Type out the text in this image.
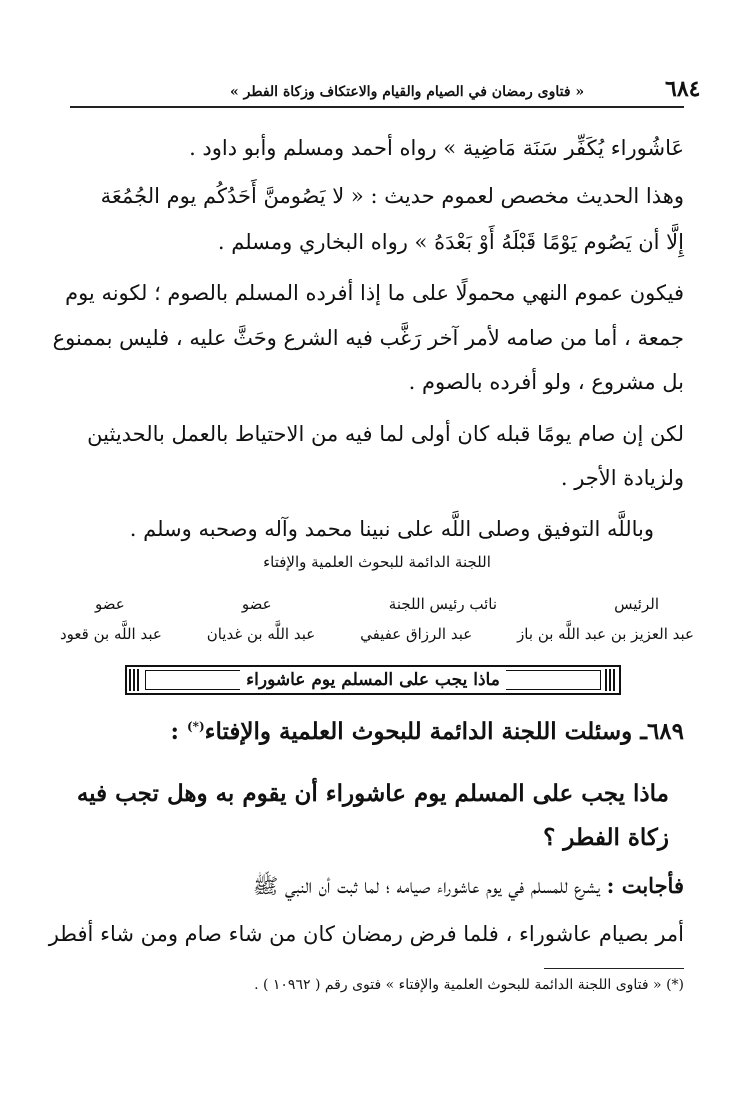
٦٨٤
« فتاوى رمضان في الصيام والقيام والاعتكاف وزكاة الفطر »

عَاشُوراء يُكَفِّر سَنَة مَاضِية » رواه أحمد ومسلم وأبو داود .

وهذا الحديث مخصص لعموم حديث : « لا يَصُومنَّ أَحَدُكُم يوم الجُمُعَة

إِلَّا أن يَصُوم يَوْمًا قَبْلَهُ أَوْ بَعْدَهُ » رواه البخاري ومسلم .

فيكون عموم النهي محمولًا على ما إذا أفرده المسلم بالصوم ؛ لكونه يوم

جمعة ، أما من صامه لأمر آخر رَغَّب فيه الشرع وحَثَّ عليه ، فليس بممنوع

بل مشروع ، ولو أفرده بالصوم .

لكن إن صام يومًا قبله كان أولى لما فيه من الاحتياط بالعمل بالحديثين

ولزيادة الأجر .

وباللَّه التوفيق وصلى اللَّه على نبينا محمد وآله وصحبه وسلم .

اللجنة الدائمة للبحوث العلمية والإفتاء
الرئيس
نائب رئيس اللجنة
عضو
عضو
عبد العزيز بن عبد اللَّه بن باز
عبد الرزاق عفيفي
عبد اللَّه بن غديان
عبد اللَّه بن قعود
ماذا يجب على المسلم يوم عاشوراء
٦٨٩ـ وسئلت اللجنة الدائمة للبحوث العلمية والإفتاء(*) :
ماذا يجب على المسلم يوم عاشوراء أن يقوم به وهل تجب فيه
زكاة الفطر ؟

فأجابت : يشرع للمسلم في يوم عاشوراء صيامه ؛ لما ثبت أن النبي ﷺ

أمر بصيام عاشوراء ، فلما فرض رمضان كان من شاء صام ومن شاء أفطر

(*) « فتاوى اللجنة الدائمة للبحوث العلمية والإفتاء » فتوى رقم ( ١٠٩٦٢ ) .
